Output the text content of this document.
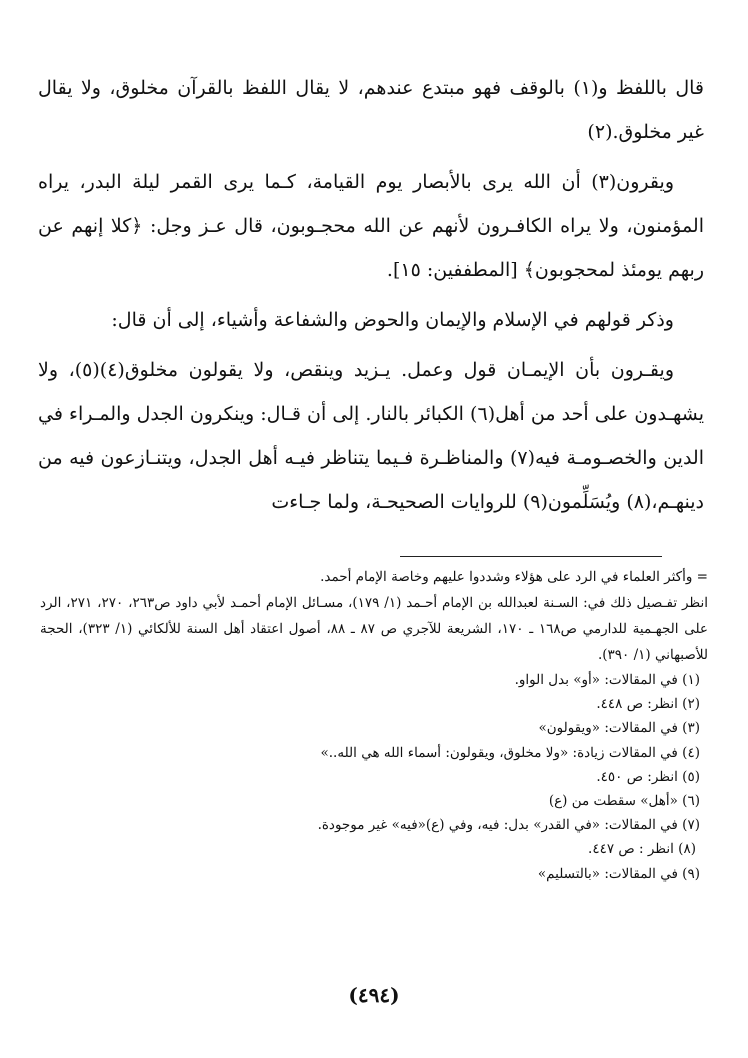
قال باللفظ و(١) بالوقف فهو مبتدع عندهم، لا يقال اللفظ بالقرآن مخلوق، ولا يقال غير مخلوق.(٢)

ويقرون(٣) أن الله يرى بالأبصار يوم القيامة، كـما يرى القمر ليلة البدر، يراه المؤمنون، ولا يراه الكافـرون لأنهم عن الله محجـوبون، قال عـز وجل: ﴿كلا إنهم عن ربهم يومئذ لمحجوبون﴾ [المطففين: ١٥].

وذكر قولهم في الإسلام والإيمان والحوض والشفاعة وأشياء، إلى أن قال:

ويقـرون بأن الإيمـان قول وعمل. يـزيد وينقص، ولا يقولون مخلوق(٤)(٥)، ولا يشهـدون على أحد من أهل(٦) الكبائر بالنار. إلى أن قـال: وينكرون الجدل والمـراء في الدين والخصـومـة فيه(٧) والمناظـرة فـيما يتناظر فيـه أهل الجدل، ويتنـازعون فيه من دينهـم،(٨) ويُسَلِّمون(٩) للروايات الصحيحـة، ولما جـاءت

= وأكثر العلماء في الرد على هؤلاء وشددوا عليهم وخاصة الإمام أحمد.

انظر تفـصيل ذلك في: السـنة لعبدالله بن الإمام أحـمد (١/ ١٧٩)، مسـائل الإمام أحمـد لأبي داود ص٢٦٣، ٢٧٠، ٢٧١، الرد على الجهـمية للدارمي ص١٦٨ ـ ١٧٠، الشريعة للآجري ص ٨٧ ـ ٨٨، أصول اعتقاد أهل السنة للألكائي (١/ ٣٢٣)، الحجة للأصبهاني (١/ ٣٩٠).

(١) في المقالات: «أو» بدل الواو.
(٢) انظر: ص ٤٤٨.
(٣) في المقالات: «ويقولون»
(٤) في المقالات زيادة: «ولا مخلوق، ويقولون: أسماء الله هي الله..»
(٥) انظر: ص ٤٥٠.
(٦) «أهل» سقطت من (ع)
(٧) في المقالات: «في القدر» بدل: فيه، وفي (ع)«فيه» غير موجودة.
(٨) انظر : ص ٤٤٧.
(٩) في المقالات: «بالتسليم»
(٤٩٤)
